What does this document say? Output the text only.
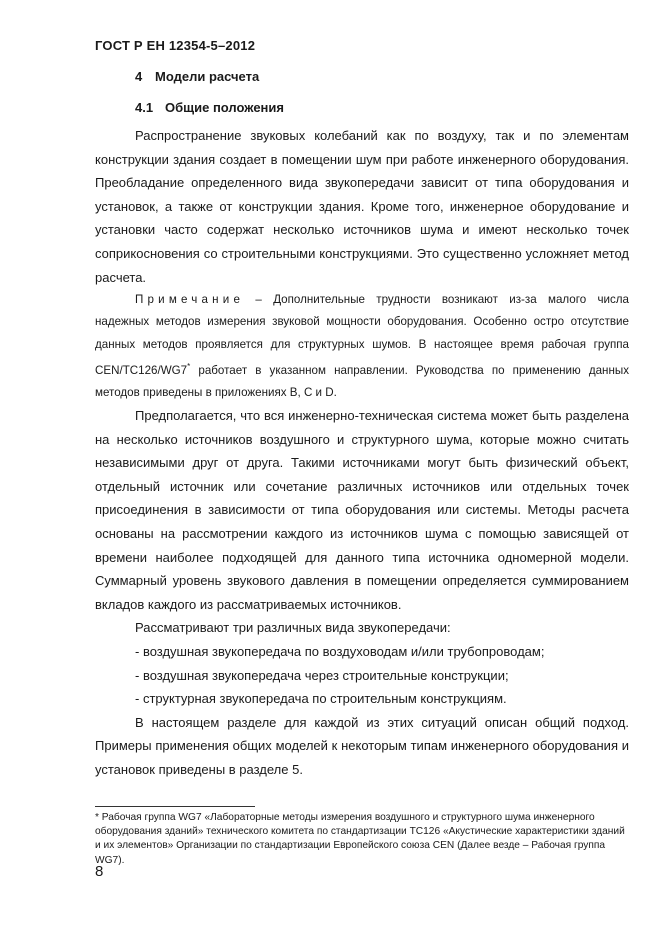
ГОСТ Р ЕН 12354-5–2012
4 Модели расчета
4.1 Общие положения

Распространение звуковых колебаний как по воздуху, так и по элементам конструкции здания создает в помещении шум при работе инженерного оборудования. Преобладание определенного вида звукопередачи зависит от типа оборудования и установок, а также от конструкции здания. Кроме того, инженерное оборудование и установки часто содержат несколько источников шума и имеют несколько точек соприкосновения со строительными конструкциями. Это существенно усложняет метод расчета.

Примечание – Дополнительные трудности возникают из-за малого числа надежных методов измерения звуковой мощности оборудования. Особенно остро отсутствие данных методов проявляется для структурных шумов. В настоящее время рабочая группа CEN/TC126/WG7* работает в указанном направлении. Руководства по применению данных методов приведены в приложениях В, С и D.

Предполагается, что вся инженерно-техническая система может быть разделена на несколько источников воздушного и структурного шума, которые можно считать независимыми друг от друга. Такими источниками могут быть физический объект, отдельный источник или сочетание различных источников или отдельных точек присоединения в зависимости от типа оборудования или системы. Методы расчета основаны на рассмотрении каждого из источников шума с помощью зависящей от времени наиболее подходящей для данного типа источника одномерной модели. Суммарный уровень звукового давления в помещении определяется суммированием вкладов каждого из рассматриваемых источников.

Рассматривают три различных вида звукопередачи:

- воздушная звукопередача по воздуховодам и/или трубопроводам;

- воздушная звукопередача через строительные конструкции;

- структурная звукопередача по строительным конструкциям.

В настоящем разделе для каждой из этих ситуаций описан общий подход. Примеры применения общих моделей к некоторым типам инженерного оборудования и установок приведены в разделе 5.

* Рабочая группа WG7 «Лабораторные методы измерения воздушного и структурного шума инженерного оборудования зданий» технического комитета по стандартизации ТС126 «Акустические характеристики зданий и их элементов» Организации по стандартизации Европейского союза CEN (Далее везде – Рабочая группа WG7).
8
